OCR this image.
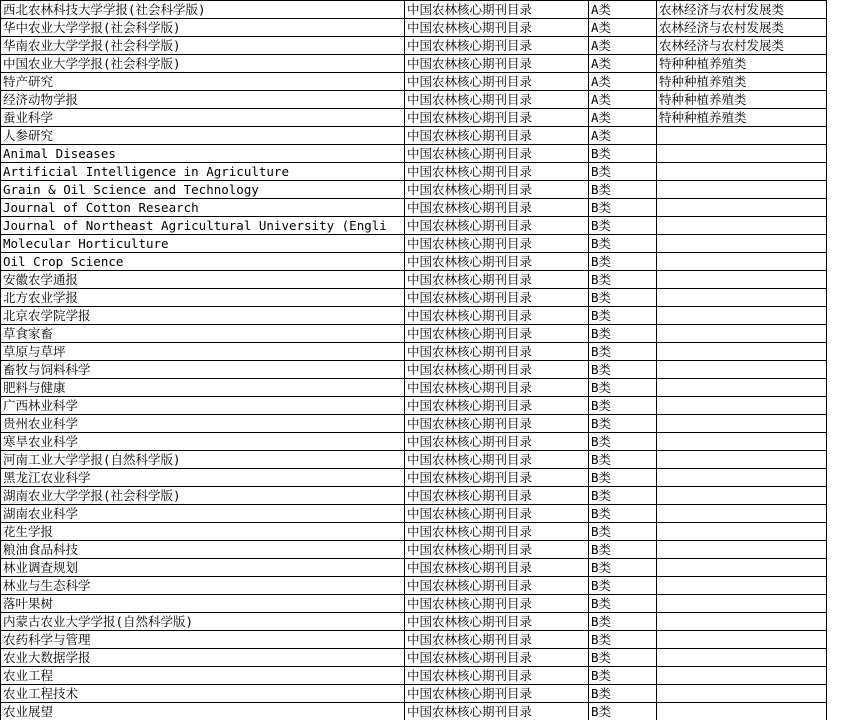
西北农林科技大学学报(社会科学版)	中国农林核心期刊目录	A类	农林经济与农村发展类
华中农业大学学报(社会科学版)	中国农林核心期刊目录	A类	农林经济与农村发展类
华南农业大学学报(社会科学版)	中国农林核心期刊目录	A类	农林经济与农村发展类
中国农业大学学报(社会科学版)	中国农林核心期刊目录	A类	特种种植养殖类
特产研究	中国农林核心期刊目录	A类	特种种植养殖类
经济动物学报	中国农林核心期刊目录	A类	特种种植养殖类
蚕业科学	中国农林核心期刊目录	A类	特种种植养殖类
人参研究	中国农林核心期刊目录	A类	
Animal Diseases	中国农林核心期刊目录	B类	
Artificial Intelligence in Agriculture	中国农林核心期刊目录	B类	
Grain & Oil Science and Technology	中国农林核心期刊目录	B类	
Journal of Cotton Research	中国农林核心期刊目录	B类	
Journal of Northeast Agricultural University (Engli	中国农林核心期刊目录	B类	
Molecular Horticulture	中国农林核心期刊目录	B类	
Oil Crop Science	中国农林核心期刊目录	B类	
安徽农学通报	中国农林核心期刊目录	B类	
北方农业学报	中国农林核心期刊目录	B类	
北京农学院学报	中国农林核心期刊目录	B类	
草食家畜	中国农林核心期刊目录	B类	
草原与草坪	中国农林核心期刊目录	B类	
畜牧与饲料科学	中国农林核心期刊目录	B类	
肥料与健康	中国农林核心期刊目录	B类	
广西林业科学	中国农林核心期刊目录	B类	
贵州农业科学	中国农林核心期刊目录	B类	
寒旱农业科学	中国农林核心期刊目录	B类	
河南工业大学学报(自然科学版)	中国农林核心期刊目录	B类	
黑龙江农业科学	中国农林核心期刊目录	B类	
湖南农业大学学报(社会科学版)	中国农林核心期刊目录	B类	
湖南农业科学	中国农林核心期刊目录	B类	
花生学报	中国农林核心期刊目录	B类	
粮油食品科技	中国农林核心期刊目录	B类	
林业调查规划	中国农林核心期刊目录	B类	
林业与生态科学	中国农林核心期刊目录	B类	
落叶果树	中国农林核心期刊目录	B类	
内蒙古农业大学学报(自然科学版)	中国农林核心期刊目录	B类	
农药科学与管理	中国农林核心期刊目录	B类	
农业大数据学报	中国农林核心期刊目录	B类	
农业工程	中国农林核心期刊目录	B类	
农业工程技术	中国农林核心期刊目录	B类	
农业展望	中国农林核心期刊目录	B类	
